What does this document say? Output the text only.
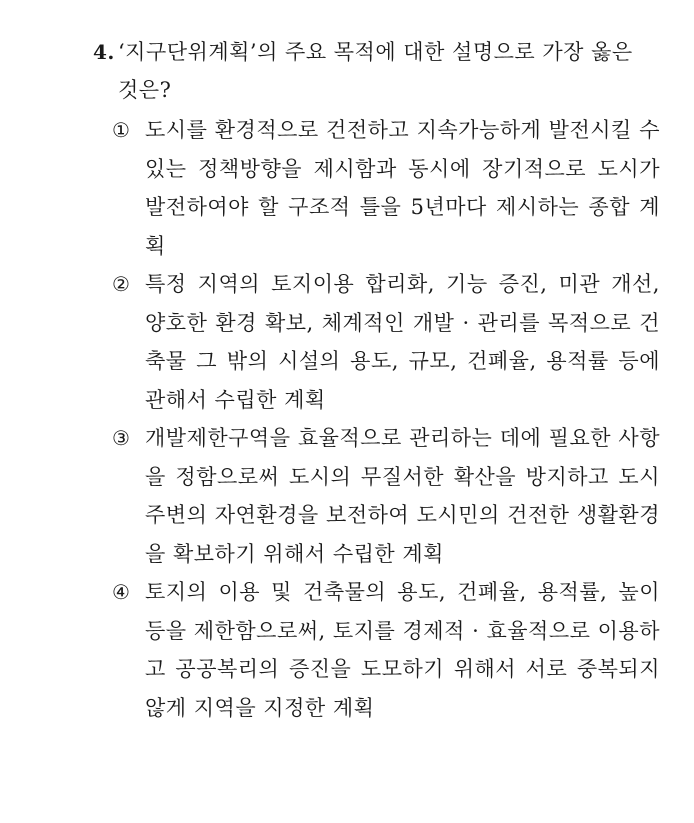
4. ‘지구단위계획’의 주요 목적에 대한 설명으로 가장 옳은 것은?
① 도시를 환경적으로 건전하고 지속가능하게 발전시킬 수 있는 정책방향을 제시함과 동시에 장기적으로 도시가 발전하여야 할 구조적 틀을 5년마다 제시하는 종합 계획
② 특정 지역의 토지이용 합리화, 기능 증진, 미관 개선, 양호한 환경 확보, 체계적인 개발 · 관리를 목적으로 건축물 그 밖의 시설의 용도, 규모, 건폐율, 용적률 등에 관해서 수립한 계획
③ 개발제한구역을 효율적으로 관리하는 데에 필요한 사항을 정함으로써 도시의 무질서한 확산을 방지하고 도시 주변의 자연환경을 보전하여 도시민의 건전한 생활환경을 확보하기 위해서 수립한 계획
④ 토지의 이용 및 건축물의 용도, 건폐율, 용적률, 높이 등을 제한함으로써, 토지를 경제적 · 효율적으로 이용하고 공공복리의 증진을 도모하기 위해서 서로 중복되지 않게 지역을 지정한 계획
